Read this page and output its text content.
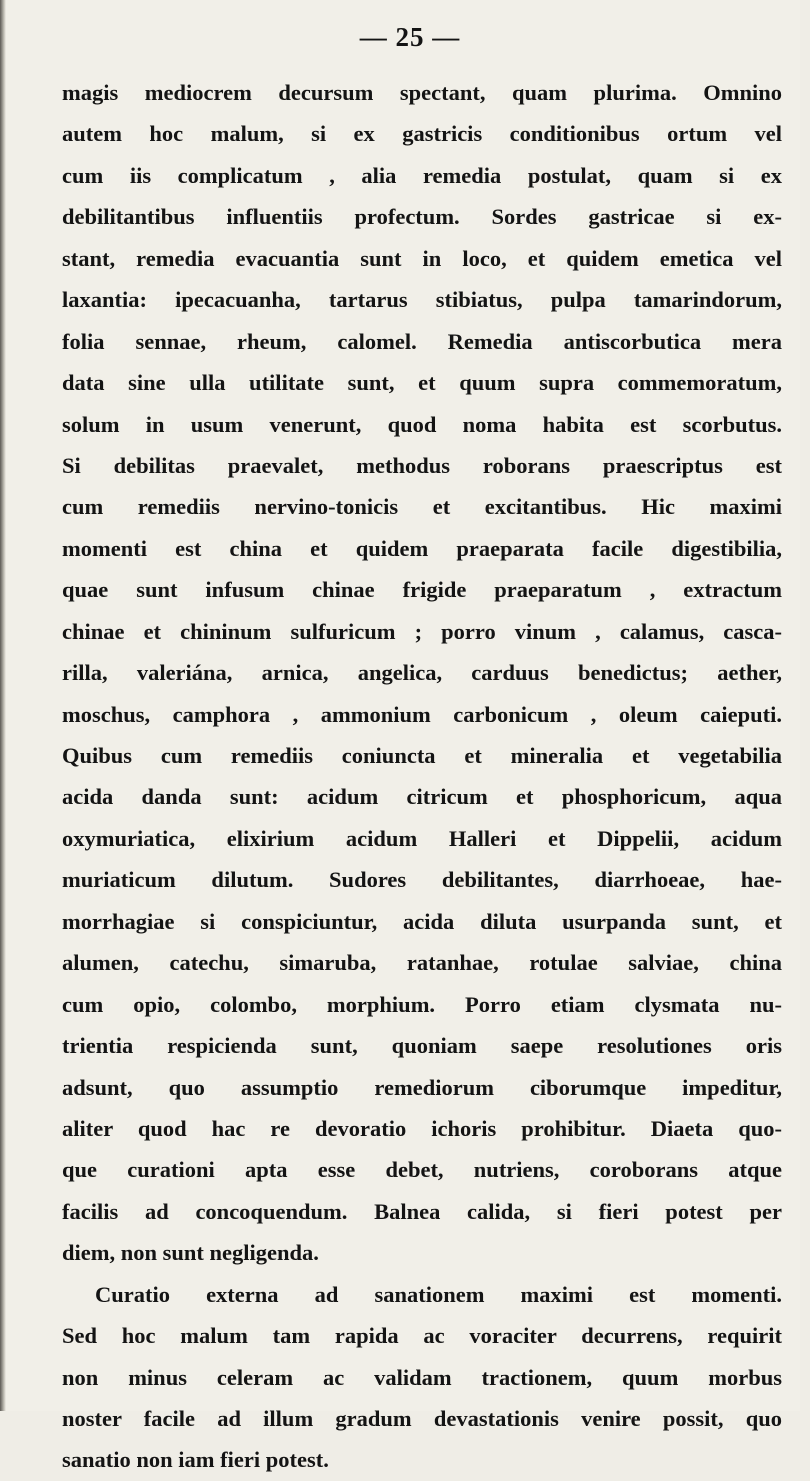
— 25 —
magis mediocrem decursum spectant, quam plurima. Omnino
autem hoc malum, si ex gastricis conditionibus ortum vel
cum iis complicatum , alia remedia postulat, quam si ex
debilitantibus influentiis profectum. Sordes gastricae si ex-
stant, remedia evacuantia sunt in loco, et quidem emetica vel
laxantia: ipecacuanha, tartarus stibiatus, pulpa tamarindorum,
folia sennae, rheum, calomel. Remedia antiscorbutica mera
data sine ulla utilitate sunt, et quum supra commemoratum,
solum in usum venerunt, quod noma habita est scorbutus.
Si debilitas praevalet, methodus roborans praescriptus est
cum remediis nervino-tonicis et excitantibus. Hic maximi
momenti est china et quidem praeparata facile digestibilia,
quae sunt infusum chinae frigide praeparatum , extractum
chinae et chininum sulfuricum ; porro vinum , calamus, casca-
rilla, valeriána, arnica, angelica, carduus benedictus; aether,
moschus, camphora , ammonium carbonicum , oleum caieputi.
Quibus cum remediis coniuncta et mineralia et vegetabilia
acida danda sunt: acidum citricum et phosphoricum, aqua
oxymuriatica, elixirium acidum Halleri et Dippelii, acidum
muriaticum dilutum. Sudores debilitantes, diarrhoeae, hae-
morrhagiae si conspiciuntur, acida diluta usurpanda sunt, et
alumen, catechu, simaruba, ratanhae, rotulae salviae, china
cum opio, colombo, morphium. Porro etiam clysmata nu-
trientia respicienda sunt, quoniam saepe resolutiones oris
adsunt, quo assumptio remediorum ciborumque impeditur,
aliter quod hac re devoratio ichoris prohibitur. Diaeta quo-
que curationi apta esse debet, nutriens, coroborans atque
facilis ad concoquendum. Balnea calida, si fieri potest per
diem, non sunt negligenda.
Curatio externa ad sanationem maximi est momenti.
Sed hoc malum tam rapida ac voraciter decurrens, requirit
non minus celeram ac validam tractionem, quum morbus
noster facile ad illum gradum devastationis venire possit, quo
sanatio non iam fieri potest.
